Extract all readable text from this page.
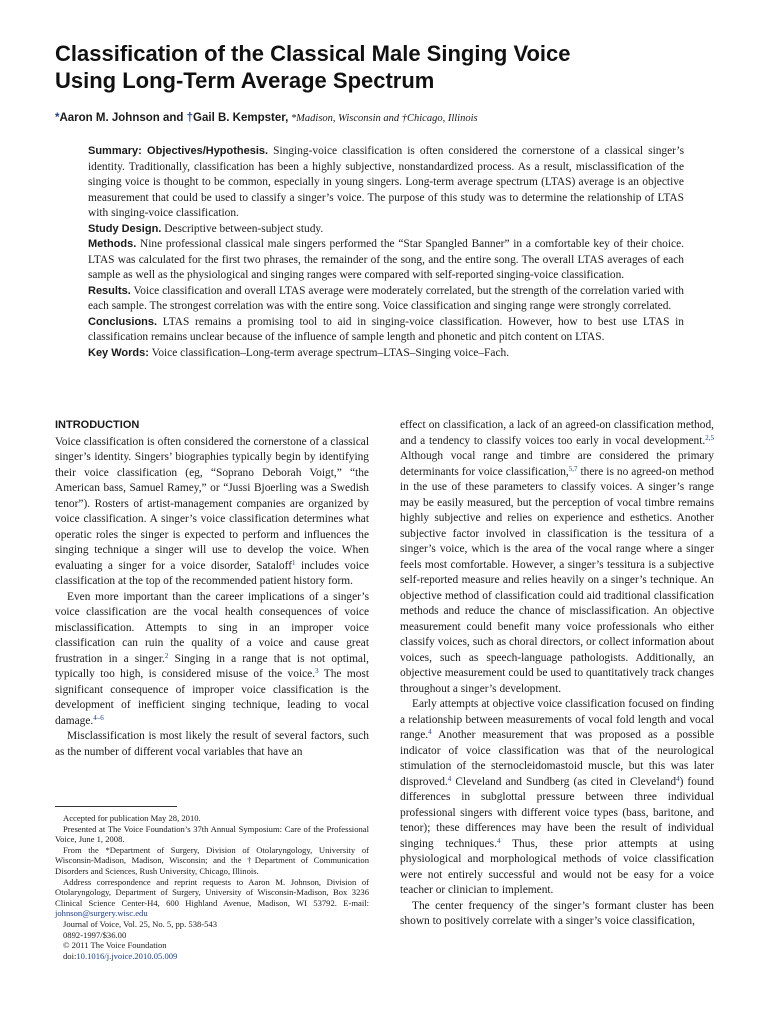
Classification of the Classical Male Singing Voice
Using Long-Term Average Spectrum
*Aaron M. Johnson and †Gail B. Kempster, *Madison, Wisconsin and †Chicago, Illinois

Summary: Objectives/Hypothesis. Singing-voice classification is often considered the cornerstone of a classical singer’s identity. Traditionally, classification has been a highly subjective, nonstandardized process. As a result, misclassification of the singing voice is thought to be common, especially in young singers. Long-term average spectrum (LTAS) average is an objective measurement that could be used to classify a singer’s voice. The purpose of this study was to determine the relationship of LTAS with singing-voice classification.

Study Design. Descriptive between-subject study.

Methods. Nine professional classical male singers performed the “Star Spangled Banner” in a comfortable key of their choice. LTAS was calculated for the first two phrases, the remainder of the song, and the entire song. The overall LTAS averages of each sample as well as the physiological and singing ranges were compared with self-reported singing-voice classification.

Results. Voice classification and overall LTAS average were moderately correlated, but the strength of the correlation varied with each sample. The strongest correlation was with the entire song. Voice classification and singing range were strongly correlated.

Conclusions. LTAS remains a promising tool to aid in singing-voice classification. However, how to best use LTAS in classification remains unclear because of the influence of sample length and phonetic and pitch content on LTAS.

Key Words: Voice classification–Long-term average spectrum–LTAS–Singing voice–Fach.

INTRODUCTION

Voice classification is often considered the cornerstone of a classical singer’s identity. Singers’ biographies typically begin by identifying their voice classification (eg, “Soprano Deborah Voigt,” “the American bass, Samuel Ramey,” or “Jussi Bjoerling was a Swedish tenor”). Rosters of artist-management companies are organized by voice classification. A singer’s voice classification determines what operatic roles the singer is expected to perform and influences the singing technique a singer will use to develop the voice. When evaluating a singer for a voice disorder, Sataloff$^1$ includes voice classification at the top of the recommended patient history form.

Even more important than the career implications of a singer’s voice classification are the vocal health consequences of voice misclassification. Attempts to sing in an improper voice classification can ruin the quality of a voice and cause great frustration in a singer.$^2$ Singing in a range that is not optimal, typically too high, is considered misuse of the voice.$^3$ The most significant consequence of improper voice classification is the development of inefficient singing technique, leading to vocal damage.$^{4-6}$

Misclassification is most likely the result of several factors, such as the number of different vocal variables that have an

Accepted for publication May 28, 2010.

Presented at The Voice Foundation’s 37th Annual Symposium: Care of the Professional Voice, June 1, 2008.

From the *Department of Surgery, Division of Otolaryngology, University of Wisconsin-Madison, Madison, Wisconsin; and the †Department of Communication Disorders and Sciences, Rush University, Chicago, Illinois.

Address correspondence and reprint requests to Aaron M. Johnson, Division of Otolaryngology, Department of Surgery, University of Wisconsin-Madison, Box 3236 Clinical Science Center-H4, 600 Highland Avenue, Madison, WI 53792. E-mail: johnson@surgery.wisc.edu

Journal of Voice, Vol. 25, No. 5, pp. 538-543

0892-1997/$36.00

© 2011 The Voice Foundation

doi:10.1016/j.jvoice.2010.05.009

effect on classification, a lack of an agreed-on classification method, and a tendency to classify voices too early in vocal development.$^{2,5}$ Although vocal range and timbre are considered the primary determinants for voice classification,$^{5,7}$ there is no agreed-on method in the use of these parameters to classify voices. A singer’s range may be easily measured, but the perception of vocal timbre remains highly subjective and relies on experience and esthetics. Another subjective factor involved in classification is the tessitura of a singer’s voice, which is the area of the vocal range where a singer feels most comfortable. However, a singer’s tessitura is a subjective self-reported measure and relies heavily on a singer’s technique. An objective method of classification could aid traditional classification methods and reduce the chance of misclassification. An objective measurement could benefit many voice professionals who either classify voices, such as choral directors, or collect information about voices, such as speech-language pathologists. Additionally, an objective measurement could be used to quantitatively track changes throughout a singer’s development.

Early attempts at objective voice classification focused on finding a relationship between measurements of vocal fold length and vocal range.$^4$ Another measurement that was proposed as a possible indicator of voice classification was that of the neurological stimulation of the sternocleidomastoid muscle, but this was later disproved.$^4$ Cleveland and Sundberg (as cited in Cleveland$^4$) found differences in subglottal pressure between three individual professional singers with different voice types (bass, baritone, and tenor); these differences may have been the result of individual singing techniques.$^4$ Thus, these prior attempts at using physiological and morphological methods of voice classification were not entirely successful and would not be easy for a voice teacher or clinician to implement.

The center frequency of the singer’s formant cluster has been shown to positively correlate with a singer’s voice classification,
